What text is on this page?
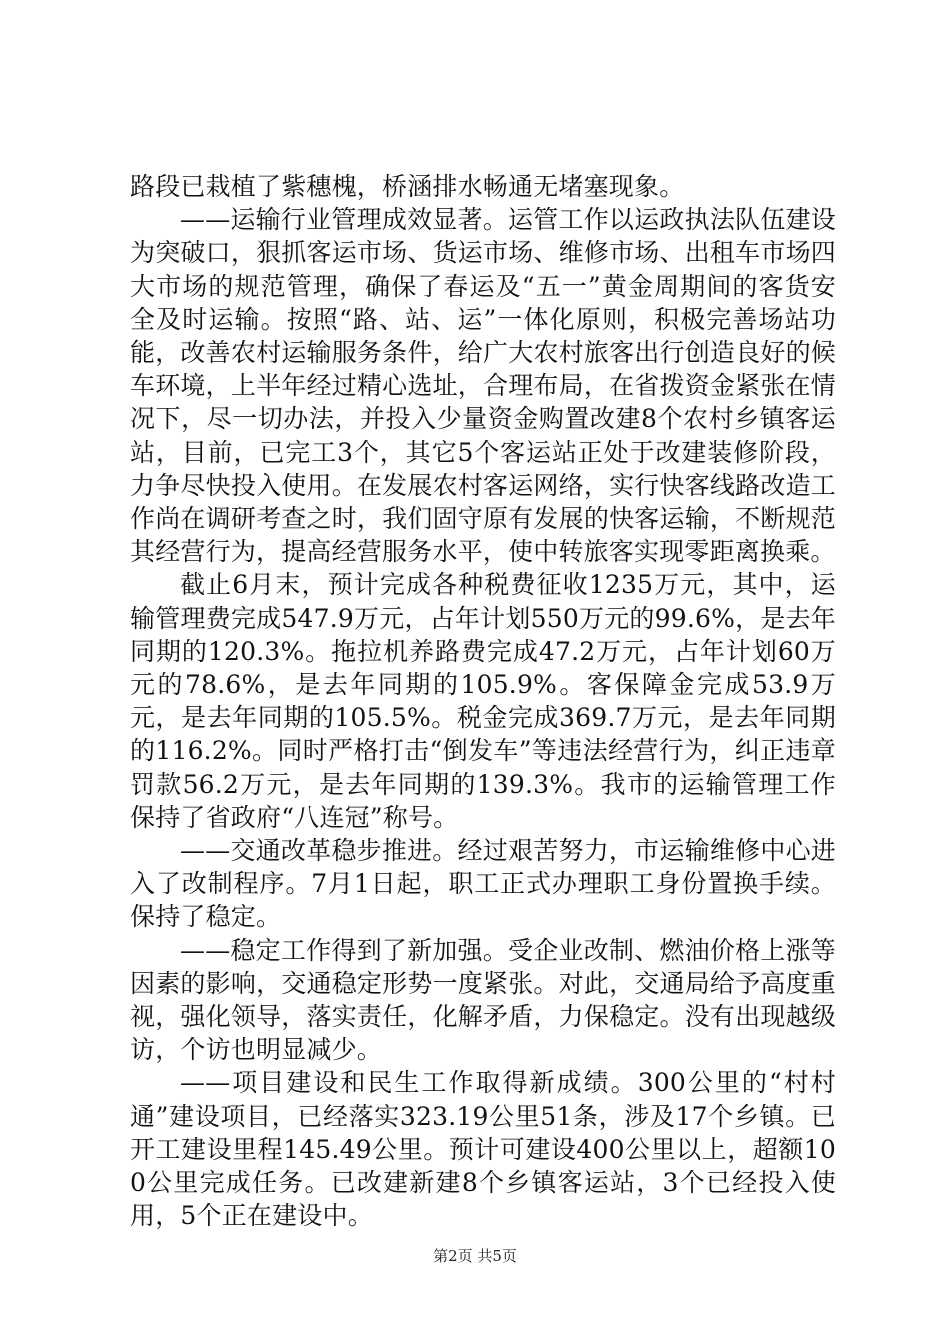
路段已栽植了紫穗槐，桥涵排水畅通无堵塞现象。

——运输行业管理成效显著。运管工作以运政执法队伍建设为突破口，狠抓客运市场、货运市场、维修市场、出租车市场四大市场的规范管理，确保了春运及“五一”黄金周期间的客货安全及时运输。按照“路、站、运”一体化原则，积极完善场站功能，改善农村运输服务条件，给广大农村旅客出行创造良好的候车环境，上半年经过精心选址，合理布局，在省拨资金紧张在情况下，尽一切办法，并投入少量资金购置改建8个农村乡镇客运站，目前，已完工3个，其它5个客运站正处于改建装修阶段，力争尽快投入使用。在发展农村客运网络，实行快客线路改造工作尚在调研考查之时，我们固守原有发展的快客运输，不断规范其经营行为，提高经营服务水平，使中转旅客实现零距离换乘。

截止6月末，预计完成各种税费征收1235万元，其中，运输管理费完成547.9万元，占年计划550万元的99.6%，是去年同期的120.3%。拖拉机养路费完成47.2万元，占年计划60万元的78.6%，是去年同期的105.9%。客保障金完成53.9万元，是去年同期的105.5%。税金完成369.7万元，是去年同期的116.2%。同时严格打击“倒发车”等违法经营行为，纠正违章罚款56.2万元，是去年同期的139.3%。我市的运输管理工作保持了省政府“八连冠”称号。

——交通改革稳步推进。经过艰苦努力，市运输维修中心进入了改制程序。7月1日起，职工正式办理职工身份置换手续。保持了稳定。

——稳定工作得到了新加强。受企业改制、燃油价格上涨等因素的影响，交通稳定形势一度紧张。对此，交通局给予高度重视，强化领导，落实责任，化解矛盾，力保稳定。没有出现越级访，个访也明显减少。

——项目建设和民生工作取得新成绩。300公里的“村村通”建设项目，已经落实323.19公里51条，涉及17个乡镇。已开工建设里程145.49公里。预计可建设400公里以上，超额100公里完成任务。已改建新建8个乡镇客运站，3个已经投入使用，5个正在建设中。

第2页 共5页
